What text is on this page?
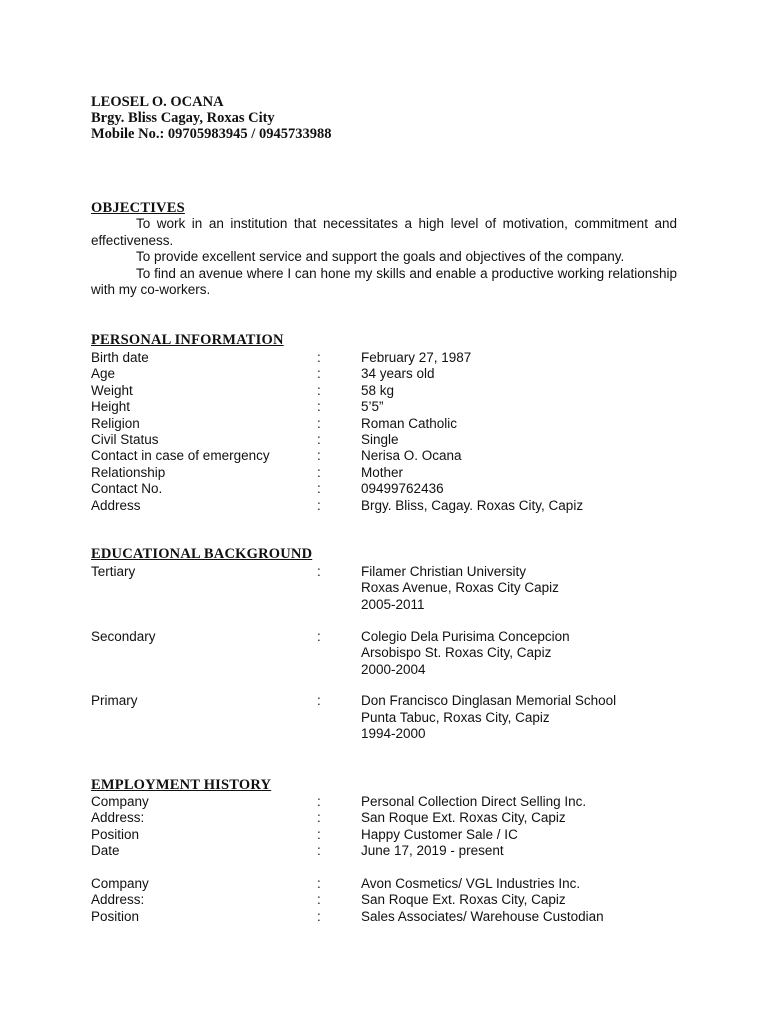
LEOSEL O. OCANA
Brgy. Bliss Cagay, Roxas City
Mobile No.: 09705983945 / 0945733988
OBJECTIVES

To work in an institution that necessitates a high level of motivation, commitment and effectiveness.

To provide excellent service and support the goals and objectives of the company.

To find an avenue where I can hone my skills and enable a productive working relationship with my co-workers.

PERSONAL INFORMATION
Birth date	:	February 27, 1987
Age	:	34 years old
Weight	:	58 kg
Height	:	5’5”
Religion	:	Roman Catholic
Civil Status	:	Single
Contact in case of emergency	:	Nerisa O. Ocana
Relationship	:	Mother
Contact No.	:	09499762436
Address	:	Brgy. Bliss, Cagay. Roxas City, Capiz
EDUCATIONAL BACKGROUND
Tertiary	:	Filamer Christian University
Roxas Avenue, Roxas City Capiz
2005-2011
Secondary	:	Colegio Dela Purisima Concepcion
Arsobispo St. Roxas City, Capiz
2000-2004
Primary	:	Don Francisco Dinglasan Memorial School
Punta Tabuc, Roxas City, Capiz
1994-2000
EMPLOYMENT HISTORY
Company	:	Personal Collection Direct Selling Inc.
Address:	:	San Roque Ext. Roxas City, Capiz
Position	:	Happy Customer Sale / IC
Date	:	June 17, 2019 - present
Company	:	Avon Cosmetics/ VGL Industries Inc.
Address:	:	San Roque Ext. Roxas City, Capiz
Position	:	Sales Associates/ Warehouse Custodian
